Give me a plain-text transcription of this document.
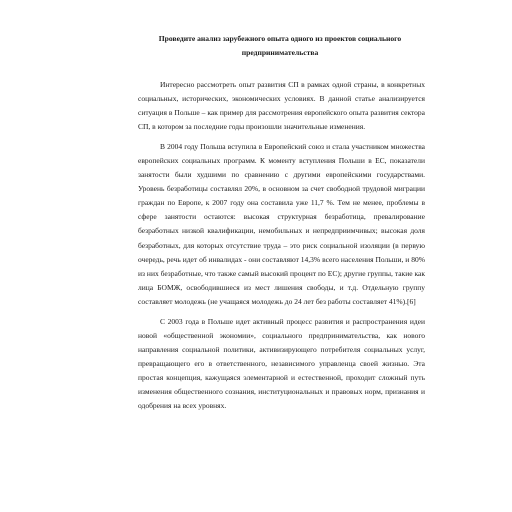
Проведите анализ зарубежного опыта одного из проектов социального предпринимательства

Интересно рассмотреть опыт развития СП в рамках одной страны, в конкретных социальных, исторических, экономических условиях. В данной статье анализируется ситуация в Польше – как пример для рассмотрения европейского опыта развития сектора СП, в котором за последние годы произошли значительные изменения.

В 2004 году Польша вступила в Европейский союз и стала участником множества европейских социальных программ. К моменту вступления Польши в ЕС, показатели занятости были худшими по сравнению с другими европейскими государствами. Уровень безработицы составлял 20%, в основном за счет свободной трудовой миграции граждан по Европе, к 2007 году она составила уже 11,7 %. Тем не менее, проблемы в сфере занятости остаются: высокая структурная безработица, превалирование безработных низкой квалификации, немобильных и непредприимчивых; высокая доля безработных, для которых отсутствие труда – это риск социальной изоляции (в первую очередь, речь идет об инвалидах - они составляют 14,3% всего населения Польши, и 80% из них безработные, что также самый высокий процент по ЕС); другие группы, такие как лица БОМЖ, освободившиеся из мест лишения свободы, и т.д. Отдельную группу составляет молодежь (не учащаяся молодежь до 24 лет без работы составляет 41%).[6]

С 2003 года в Польше идет активный процесс развития и распространения идеи новой «общественной экономии», социального предпринимательства, как нового направления социальной политики, активизирующего потребителя социальных услуг, превращающего его в ответственного, независимого управленца своей жизнью. Эта простая концепция, кажущаяся элементарной и естественной, проходит сложный путь изменения общественного сознания, институциональных и правовых норм, признания и одобрения на всех уровнях.
